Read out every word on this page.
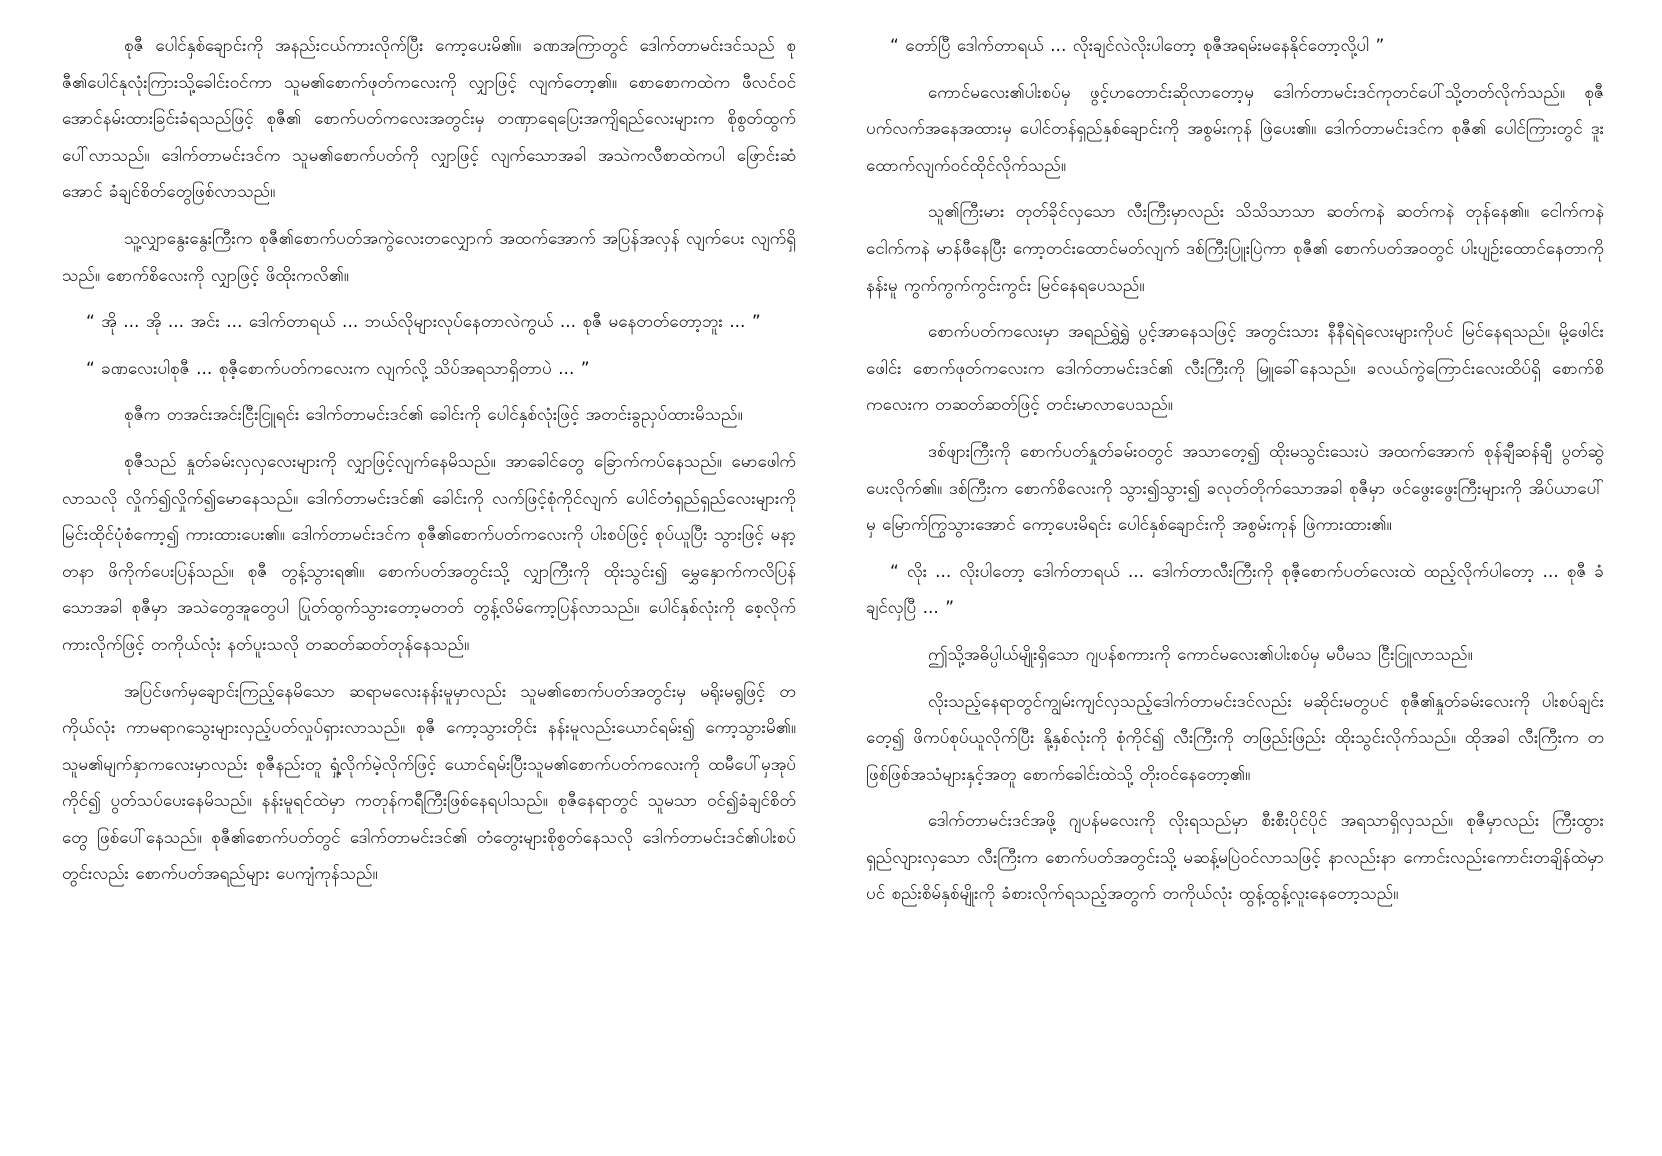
စုဇီ ပေါင်နှစ်ချောင်းကို အနည်းငယ်ကားလိုက်ပြီး ကော့ပေးမိ၏။ ခဏအကြာတွင် ဒေါက်တာမင်းဒင်သည် စုဇီ၏ပေါင်နုလုံးကြားသို့ခေါင်းဝင်ကာ သူမ၏စောက်ဖုတ်ကလေးကို လျှာဖြင့် လျက်တော့၏။ စောစောကထဲက ဖီလင်ဝင်အောင်နမ်းထားခြင်းခံရသည်ဖြင့် စုဇီ၏ စောက်ပတ်ကလေးအတွင်းမှ တဏှာရေပြေးအကျိရည်လေးများက စိုစွတ်ထွက်ပေါ်လာသည်။ ဒေါက်တာမင်းဒင်က သူမ၏စောက်ပတ်ကို လျှာဖြင့် လျက်သောအခါ အသဲကလီစာထဲကပါ ဖြောင်းဆံအောင် ခံချင်စိတ်တွေဖြစ်လာသည်။

သူ့လျှာနွေးနွေးကြီးက စုဇီ၏စောက်ပတ်အကွဲလေးတလျှောက် အထက်အောက် အပြန်အလှန် လျက်ပေး လျက်ရှိသည်။ စောက်စိလေးကို လျှာဖြင့် ဖိထိုးကလိ၏။

“ အို ... အို ... အင်း ... ဒေါက်တာရယ် ... ဘယ်လိုများလုပ်နေတာလဲကွယ် ... စုဇီ မနေတတ်တော့ဘူး ... ”

“ ခဏလေးပါစုဇီ ... စုဇီ့စောက်ပတ်ကလေးက လျက်လို့ သိပ်အရသာရှိတာပဲ ... ”

စုဇီက တအင်းအင်းငြီးငြူရင်း ဒေါက်တာမင်းဒင်၏ ခေါင်းကို ပေါင်နှစ်လုံးဖြင့် အတင်းခွညှပ်ထားမိသည်။

စုဇီသည် နှုတ်ခမ်းလှလှလေးများကို လျှာဖြင့်လျက်နေမိသည်။ အာခေါင်တွေ ခြောက်ကပ်နေသည်။ မောဖေါက်လာသလို လှိုက်၍လှိုက်၍မောနေသည်။ ဒေါက်တာမင်းဒင်၏ ခေါင်းကို လက်ဖြင့်စုံကိုင်လျက် ပေါင်တံရှည်ရှည်လေးများကို မြင်းထိုင်ပုံစံကော့၍ ကားထားပေး၏။ ဒေါက်တာမင်းဒင်က စုဇီ၏စောက်ပတ်ကလေးကို ပါးစပ်ဖြင့် စုပ်ယူပြီး သွားဖြင့် မနာ့တနာ ဖိကိုက်ပေးပြန်သည်။ စုဇီ တွန့်သွားရ၏။ စောက်ပတ်အတွင်းသို့ လျှာကြီးကို ထိုးသွင်း၍ မွှေနှောက်ကလိပြန်သောအခါ စုဇီမှာ အသဲတွေအူတွေပါ ပြုတ်ထွက်သွားတော့မတတ် တွန့်လိမ်ကော့ပြန်လာသည်။ ပေါင်နှစ်လုံးကို စေ့လိုက်ကားလိုက်ဖြင့် တကိုယ်လုံး နတ်ပူးသလို တဆတ်ဆတ်တုန်နေသည်။

အပြင်ဖက်မှချောင်းကြည့်နေမိသော ဆရာမလေးနန်းမူမှာလည်း သူမ၏စောက်ပတ်အတွင်းမှ မရိုးမရွဖြင့် တကိုယ်လုံး ကာမရာဂသွေးများလှည့်ပတ်လှုပ်ရှားလာသည်။ စုဇီ ကော့သွားတိုင်း နန်းမူလည်းယောင်ရမ်း၍ ကော့သွားမိ၏။ သူမ၏မျက်နှာကလေးမှာလည်း စုဇီနည်းတူ ရှုံ့လိုက်မဲ့လိုက်ဖြင့် ယောင်ရမ်းပြီးသူမ၏စောက်ပတ်ကလေးကို ထမီပေါ်မှအုပ်ကိုင်၍ ပွတ်သပ်ပေးနေမိသည်။ နန်းမူရင်ထဲမှာ ကတုန်ကရီကြီးဖြစ်နေရပါသည်။ စုဇီနေရာတွင် သူမသာ ဝင်၍ခံချင်စိတ်တွေ ဖြစ်ပေါ်နေသည်။ စုဇီ၏စောက်ပတ်တွင် ဒေါက်တာမင်းဒင်၏ တံတွေးများစိုစွတ်နေသလို ဒေါက်တာမင်းဒင်၏ပါးစပ်တွင်းလည်း စောက်ပတ်အရည်များ ပေကျံကုန်သည်။

“ တော်ပြီ ဒေါက်တာရယ် ... လိုးချင်လဲလိုးပါတော့ စုဇီအရမ်းမနေနိုင်တော့လို့ပါ ”

ကောင်မလေး၏ပါးစပ်မှ ဖွင့်ဟတောင်းဆိုလာတော့မှ ဒေါက်တာမင်းဒင်ကုတင်ပေါ်သို့တတ်လိုက်သည်။ စုဇီ ပက်လက်အနေအထားမှ ပေါင်တန်ရှည်နှစ်ချောင်းကို အစွမ်းကုန် ဖြဲပေး၏။ ဒေါက်တာမင်းဒင်က စုဇီ၏ ပေါင်ကြားတွင် ဒူးထောက်လျက်ဝင်ထိုင်လိုက်သည်။

သူ၏ကြီးမား တုတ်ခိုင်လှသော လီးကြီးမှာလည်း သိသိသာသာ ဆတ်ကနဲ ဆတ်ကနဲ တုန်နေ၏။ ငေါက်ကနဲငေါက်ကနဲ မာန်ဖီနေပြီး ကော့တင်းထောင်မတ်လျက် ဒစ်ကြီးပြူးပြဲကာ စုဇီ၏ စောက်ပတ်အဝတွင် ပါးပျဉ်းထောင်နေတာကို နန်းမူ ကွက်ကွက်ကွင်းကွင်း မြင်နေရပေသည်။

စောက်ပတ်ကလေးမှာ အရည်ရွှဲရွှဲ ပွင့်အာနေသဖြင့် အတွင်းသား နီနီရဲရဲလေးများကိုပင် မြင်နေရသည်။ မို့ဖေါင်းဖေါင်း စောက်ဖုတ်ကလေးက ဒေါက်တာမင်းဒင်၏ လီးကြီးကို မြူခေါ်နေသည်။ ခလယ်ကွဲကြောင်းလေးထိပ်ရှိ စောက်စိကလေးက တဆတ်ဆတ်ဖြင့် တင်းမာလာပေသည်။

ဒစ်ဖျားကြီးကို စောက်ပတ်နှုတ်ခမ်းဝတွင် အသာတေ့၍ ထိုးမသွင်းသေးပဲ အထက်အောက် စုန်ချီဆန်ချီ ပွတ်ဆွဲပေးလိုက်၏။ ဒစ်ကြီးက စောက်စိလေးကို သွား၍သွား၍ ခလုတ်တိုက်သောအခါ စုဇီမှာ ဖင်ဖွေးဖွေးကြီးများကို အိပ်ယာပေါ်မှ မြောက်ကြွသွားအောင် ကော့ပေးမိရင်း ပေါင်နှစ်ချောင်းကို အစွမ်းကုန် ဖြဲကားထား၏။

“ လိုး ... လိုးပါတော့ ဒေါက်တာရယ် ... ဒေါက်တာလီးကြီးကို စုဇီ့စောက်ပတ်လေးထဲ ထည့်လိုက်ပါတော့ ... စုဇီ ခံချင်လှပြီ ... ”

ဤသို့အဓိပ္ပါယ်မျိုးရှိသော ဂျပန်စကားကို ကောင်မလေး၏ပါးစပ်မှ မပီမသ ငြီးငြူလာသည်။

လိုးသည့်နေရာတွင်ကျွမ်းကျင်လှသည့်ဒေါက်တာမင်းဒင်လည်း မဆိုင်းမတွပင် စုဇီ၏နှုတ်ခမ်းလေးကို ပါးစပ်ချင်းတေ့၍ ဖိကပ်စုပ်ယူလိုက်ပြီး နို့နှစ်လုံးကို စုံကိုင်၍ လီးကြီးကို တဖြည်းဖြည်း ထိုးသွင်းလိုက်သည်။ ထိုအခါ လီးကြီးက တဖြစ်ဖြစ်အသံများနှင့်အတူ စောက်ခေါင်းထဲသို့ တိုးဝင်နေတော့၏။

ဒေါက်တာမင်းဒင်အဖို့ ဂျပန်မလေးကို လိုးရသည်မှာ စီးစီးပိုင်ပိုင် အရသာရှိလှသည်။ စုဇီမှာလည်း ကြီးထွားရှည်လျားလှသော လီးကြီးက စောက်ပတ်အတွင်းသို့ မဆန့်မပြဲဝင်လာသဖြင့် နာလည်းနာ ကောင်းလည်းကောင်းတချိန်ထဲမှာပင် စည်းစိမ်နှစ်မျိုးကို ခံစားလိုက်ရသည့်အတွက် တကိုယ်လုံး ထွန့်ထွန့်လူးနေတော့သည်။
